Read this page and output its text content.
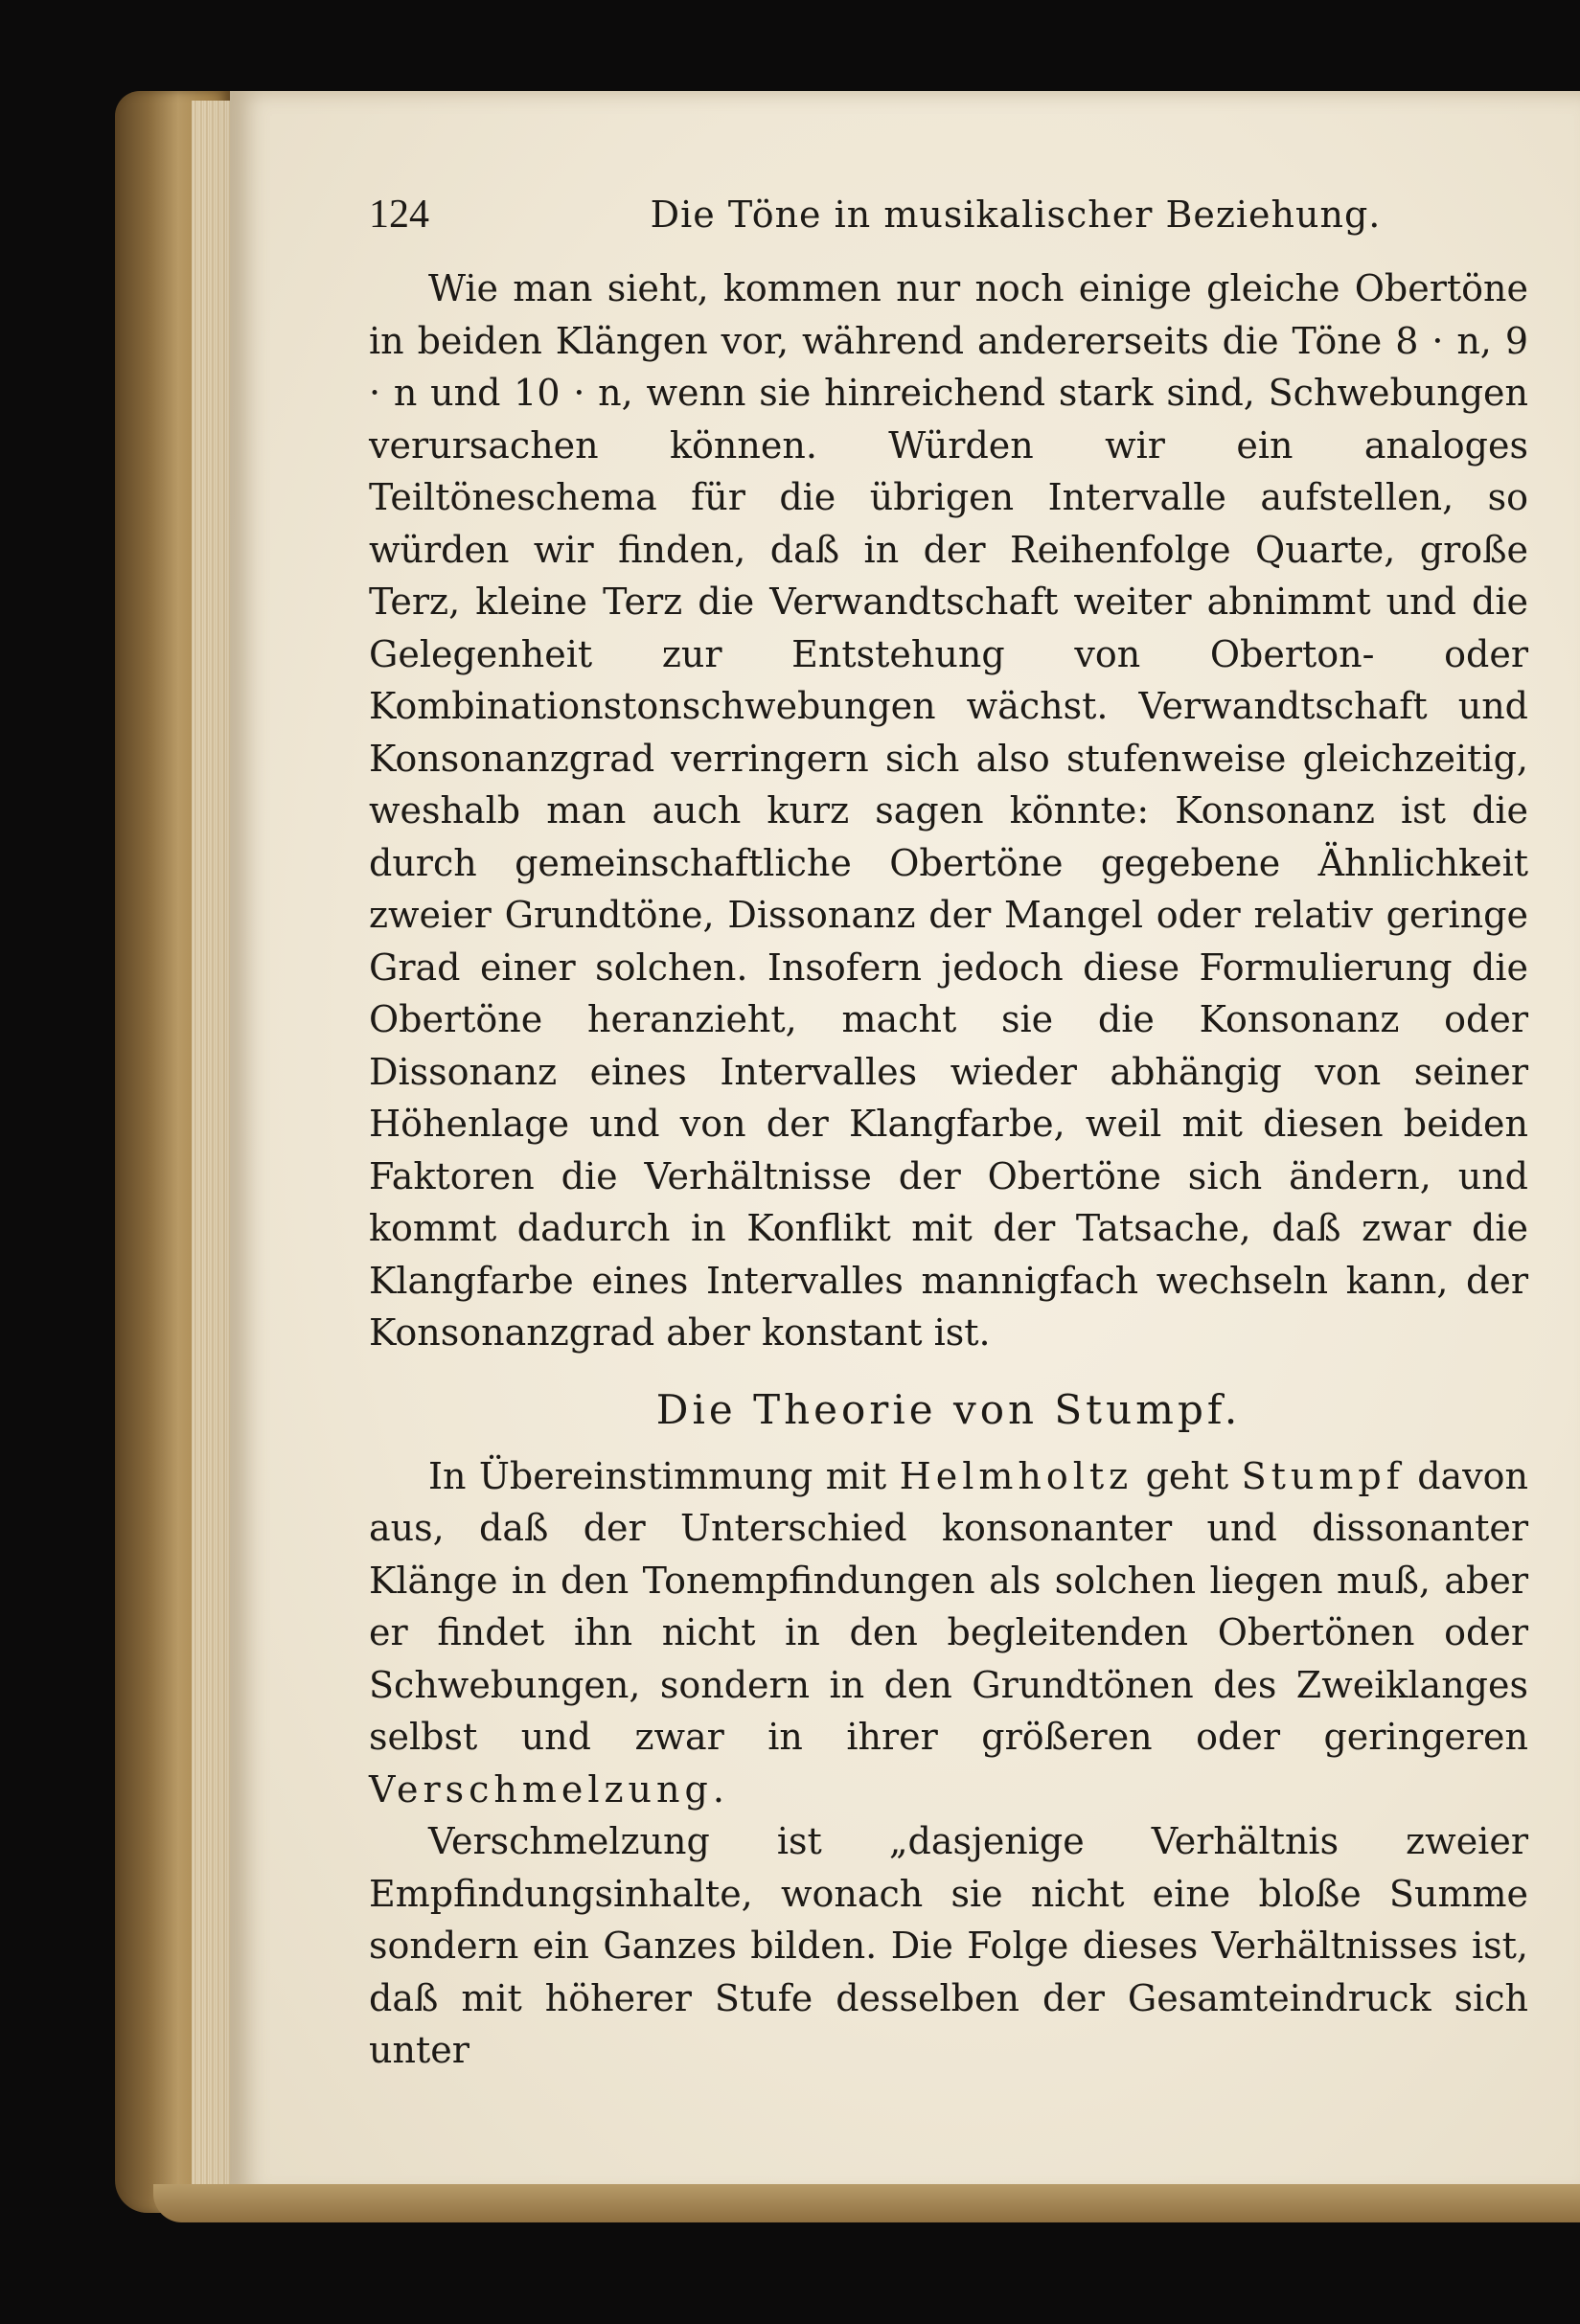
124	Die Töne in musikalischer Beziehung.

Wie man sieht, kommen nur noch einige gleiche Obertöne in beiden Klängen vor, während andererseits die Töne 8 · n, 9 · n und 10 · n, wenn sie hinreichend stark sind, Schwebungen verursachen können. Würden wir ein analoges Teiltöneschema für die übrigen Intervalle aufstellen, so würden wir finden, daß in der Reihenfolge Quarte, große Terz, kleine Terz die Verwandtschaft weiter abnimmt und die Gelegenheit zur Entstehung von Oberton- oder Kombinationstonschwebungen wächst. Verwandtschaft und Konsonanzgrad verringern sich also stufenweise gleichzeitig, weshalb man auch kurz sagen könnte: Konsonanz ist die durch gemeinschaftliche Obertöne gegebene Ähnlichkeit zweier Grundtöne, Dissonanz der Mangel oder relativ geringe Grad einer solchen. Insofern jedoch diese Formulierung die Obertöne heranzieht, macht sie die Konsonanz oder Dissonanz eines Intervalles wieder abhängig von seiner Höhenlage und von der Klangfarbe, weil mit diesen beiden Faktoren die Verhältnisse der Obertöne sich ändern, und kommt dadurch in Konflikt mit der Tatsache, daß zwar die Klangfarbe eines Intervalles mannigfach wechseln kann, der Konsonanzgrad aber konstant ist.

Die Theorie von Stumpf.

In Übereinstimmung mit Helmholtz geht Stumpf davon aus, daß der Unterschied konsonanter und dissonanter Klänge in den Tonempfindungen als solchen liegen muß, aber er findet ihn nicht in den begleitenden Obertönen oder Schwebungen, sondern in den Grundtönen des Zweiklanges selbst und zwar in ihrer größeren oder geringeren Verschmelzung.

Verschmelzung ist „dasjenige Verhältnis zweier Empfindungsinhalte, wonach sie nicht eine bloße Summe sondern ein Ganzes bilden. Die Folge dieses Verhältnisses ist, daß mit höherer Stufe desselben der Gesamteindruck sich unter
